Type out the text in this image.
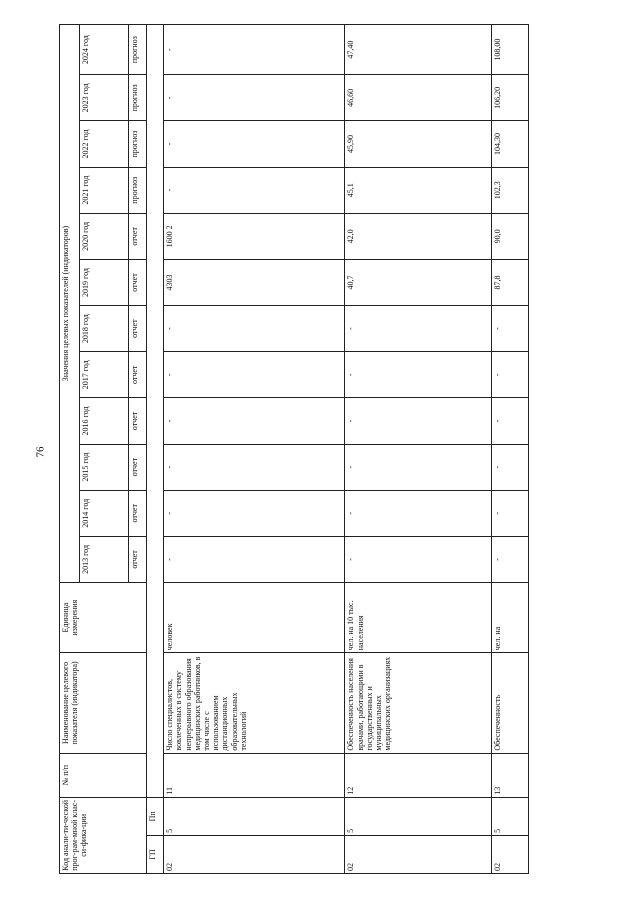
76
Код анали-ти-ческой прог-рам-мной клас-си-фика-ции		№ п/п	Наименование целевого показателя (индикатора)	Единица измерения	Значения целевых показателей (индикаторов)											
					2013 год	2014 год	2015 год	2016 год	2017 год	2018 год	2019 год	2020 год	2021 год	2022 год	2023 год	2024 год
					отчет	отчет	отчет	отчет	отчет	отчет	отчет	отчет	прогноз	прогноз	прогноз	прогноз
ГП	Пп															
02	5	11	Число специалистов, вовлеченных в систему непрерывного образования медицинских работников, в том числе с использованием дистанционных образовательных технологий	человек	-	-	-	-	-	-	4303	1600 2	-	-	-	-
02	5	12	Обеспеченность населения врачами, работающими в государственных и муниципальных медицинских организациях	чел. на 10 тыс. населения	-	-	-	-	-	-	40,7	42,0	45,1	45,90	46,60	47,40
02	5	13	Обеспеченность	чел. на	-	-	-	-	-	-	87,8	90,0	102,3	104,30	106,20	108,00
